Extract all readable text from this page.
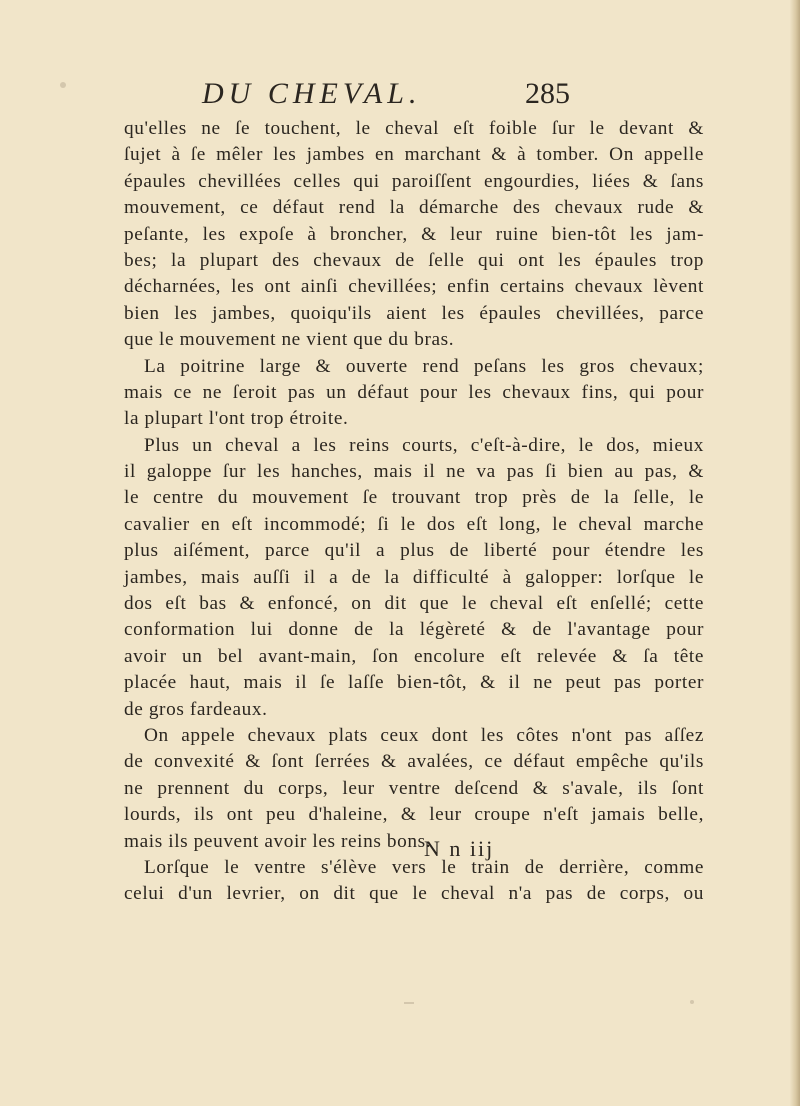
DU CHEVAL.	285
qu'elles ne ſe touchent, le cheval eſt foible ſur le devant &
ſujet à ſe mêler les jambes en marchant & à tomber. On appelle
épaules chevillées celles qui paroiſſent engourdies, liées & ſans
mouvement, ce défaut rend la démarche des chevaux rude &
peſante, les expoſe à broncher, & leur ruine bien-tôt les jam-
bes; la plupart des chevaux de ſelle qui ont les épaules trop
décharnées, les ont ainſi chevillées; enfin certains chevaux lèvent
bien les jambes, quoiqu'ils aient les épaules chevillées, parce
que le mouvement ne vient que du bras.
La poitrine large & ouverte rend peſans les gros chevaux;
mais ce ne ſeroit pas un défaut pour les chevaux fins, qui pour
la plupart l'ont trop étroite.
Plus un cheval a les reins courts, c'eſt-à-dire, le dos, mieux
il galoppe ſur les hanches, mais il ne va pas ſi bien au pas, &
le centre du mouvement ſe trouvant trop près de la ſelle, le
cavalier en eſt incommodé; ſi le dos eſt long, le cheval marche
plus aiſément, parce qu'il a plus de liberté pour étendre les
jambes, mais auſſi il a de la difficulté à galopper: lorſque le
dos eſt bas & enfoncé, on dit que le cheval eſt enſellé; cette
conformation lui donne de la légèreté & de l'avantage pour
avoir un bel avant-main, ſon encolure eſt relevée & ſa tête
placée haut, mais il ſe laſſe bien-tôt, & il ne peut pas porter
de gros fardeaux.
On appele chevaux plats ceux dont les côtes n'ont pas aſſez
de convexité & ſont ſerrées & avalées, ce défaut empêche qu'ils
ne prennent du corps, leur ventre deſcend & s'avale, ils ſont
lourds, ils ont peu d'haleine, & leur croupe n'eſt jamais belle,
mais ils peuvent avoir les reins bons.
Lorſque le ventre s'élève vers le train de derrière, comme
celui d'un levrier, on dit que le cheval n'a pas de corps, ou
N n iij
